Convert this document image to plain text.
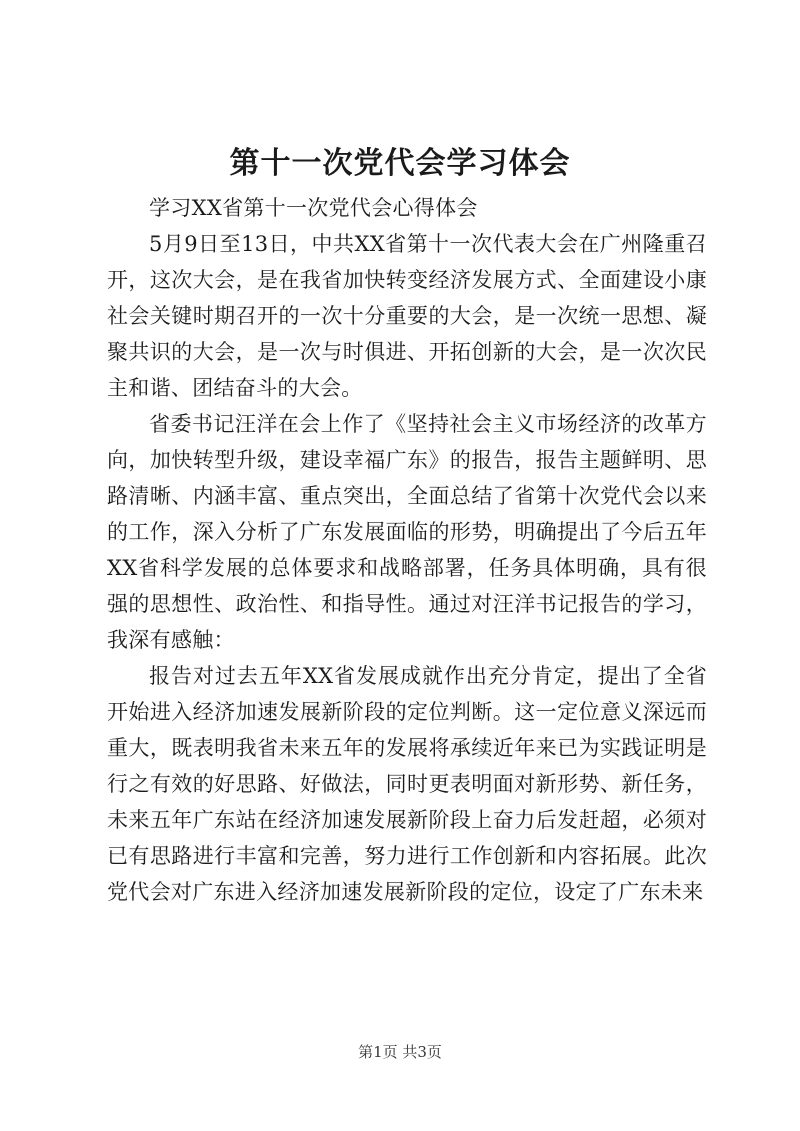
第十一次党代会学习体会

学习XX省第十一次党代会心得体会

5月9日至13日，中共XX省第十一次代表大会在广州隆重召开，这次大会，是在我省加快转变经济发展方式、全面建设小康社会关键时期召开的一次十分重要的大会，是一次统一思想、凝聚共识的大会，是一次与时俱进、开拓创新的大会，是一次次民主和谐、团结奋斗的大会。

省委书记汪洋在会上作了《坚持社会主义市场经济的改革方向，加快转型升级，建设幸福广东》的报告，报告主题鲜明、思路清晰、内涵丰富、重点突出，全面总结了省第十次党代会以来的工作，深入分析了广东发展面临的形势，明确提出了今后五年XX省科学发展的总体要求和战略部署，任务具体明确，具有很强的思想性、政治性、和指导性。通过对汪洋书记报告的学习，我深有感触：

报告对过去五年XX省发展成就作出充分肯定，提出了全省开始进入经济加速发展新阶段的定位判断。这一定位意义深远而重大，既表明我省未来五年的发展将承续近年来已为实践证明是行之有效的好思路、好做法，同时更表明面对新形势、新任务，未来五年广东站在经济加速发展新阶段上奋力后发赶超，必须对已有思路进行丰富和完善，努力进行工作创新和内容拓展。此次党代会对广东进入经济加速发展新阶段的定位，设定了广东未来

第1页 共3页
